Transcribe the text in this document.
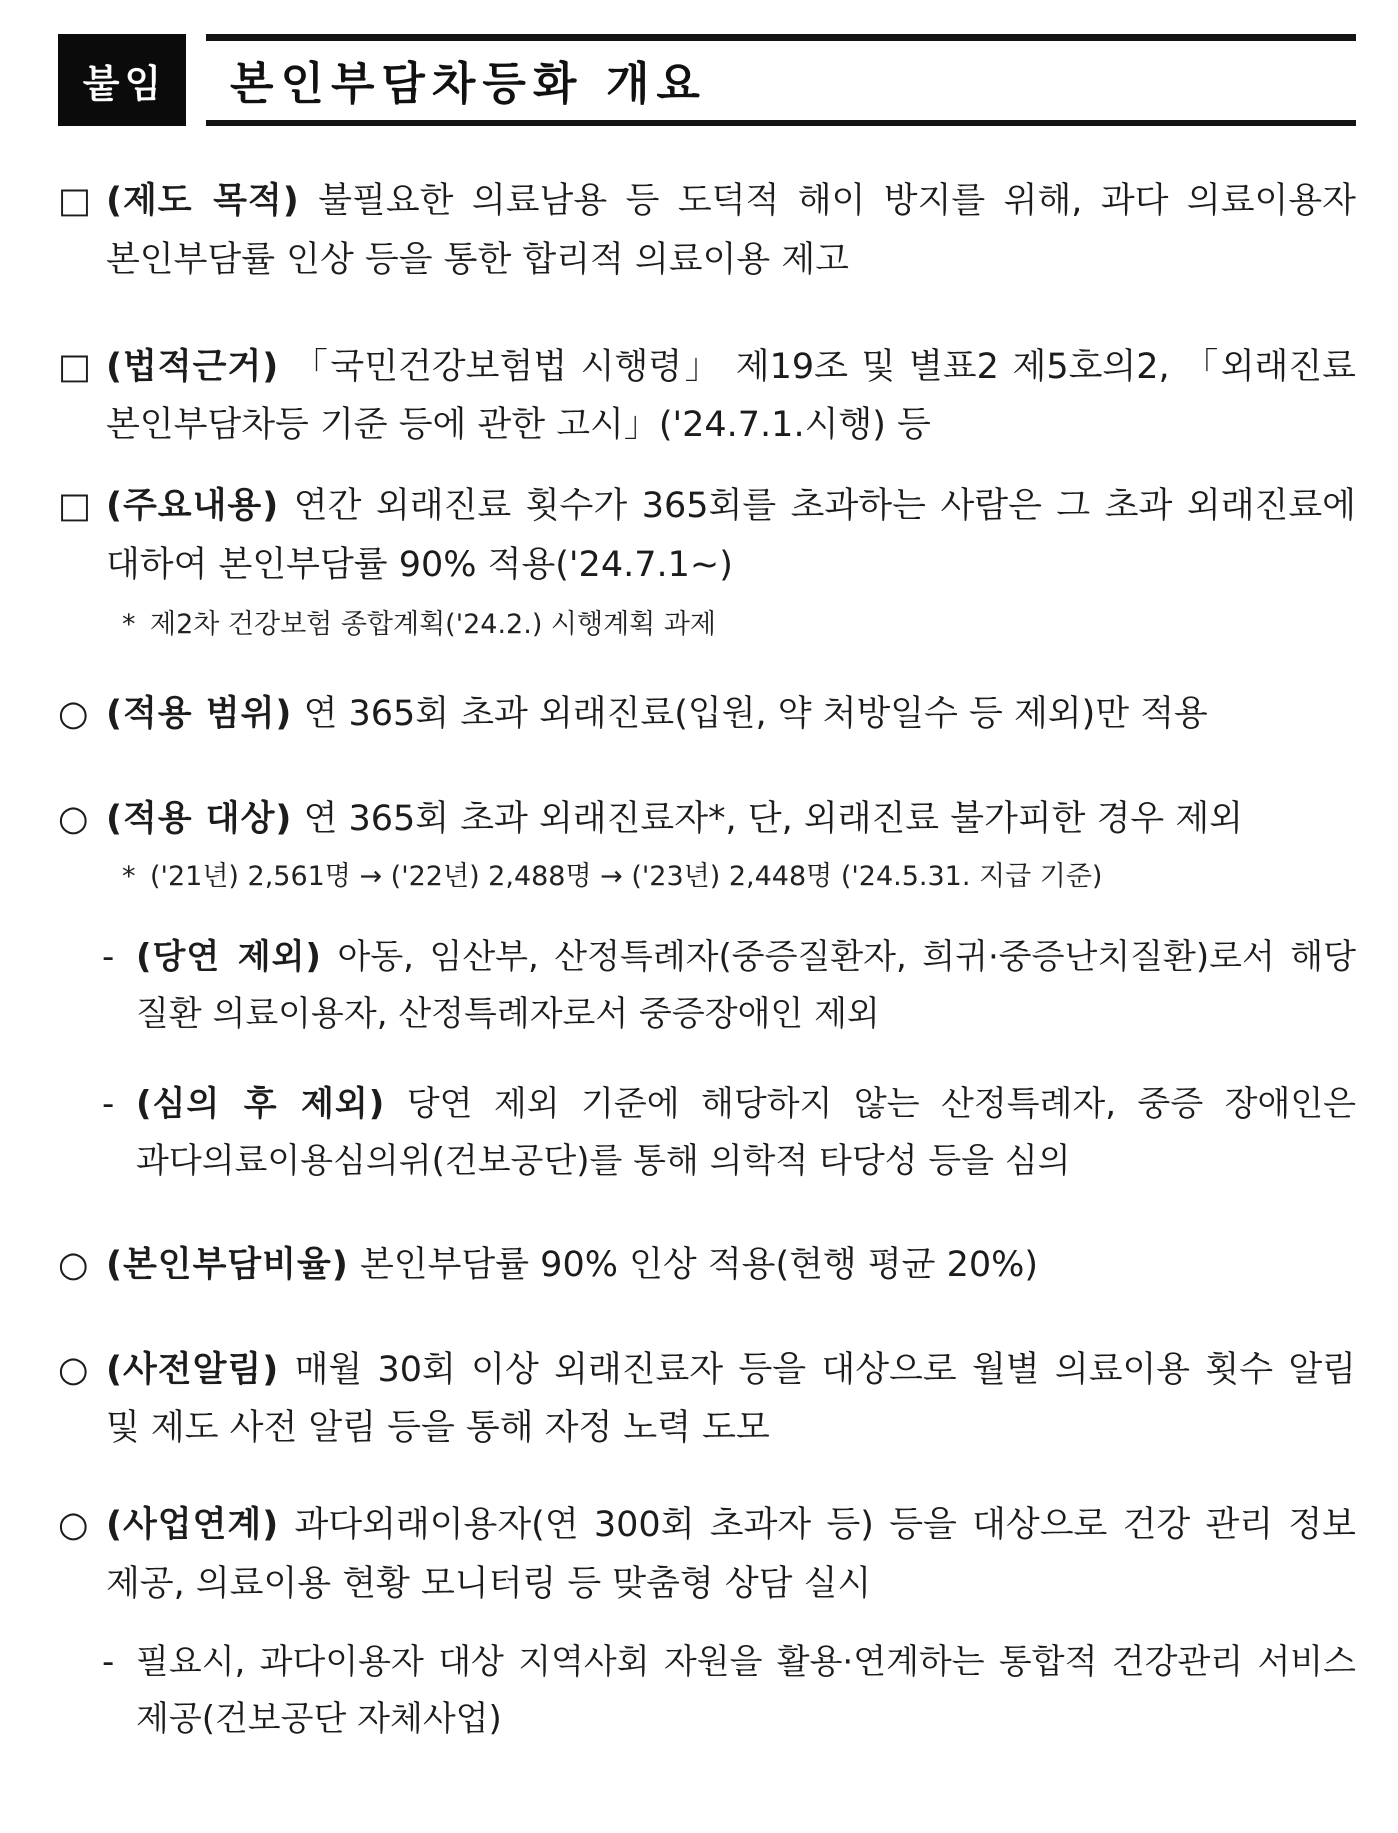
붙임 본인부담차등화 개요
□ (제도 목적) 불필요한 의료남용 등 도덕적 해이 방지를 위해, 과다 의료이용자 본인부담률 인상 등을 통한 합리적 의료이용 제고

□ (법적근거) 「국민건강보험법 시행령」 제19조 및 별표2 제5호의2, 「외래진료 본인부담차등 기준 등에 관한 고시」('24.7.1.시행) 등

□ (주요내용) 연간 외래진료 횟수가 365회를 초과하는 사람은 그 초과 외래진료에 대하여 본인부담률 90% 적용('24.7.1~)

* 제2차 건강보험 종합계획('24.2.) 시행계획 과제

○ (적용 범위) 연 365회 초과 외래진료(입원, 약 처방일수 등 제외)만 적용

○ (적용 대상) 연 365회 초과 외래진료자*, 단, 외래진료 불가피한 경우 제외

* ('21년) 2,561명 → ('22년) 2,488명 → ('23년) 2,448명 ('24.5.31. 지급 기준)

- (당연 제외) 아동, 임산부, 산정특례자(중증질환자, 희귀·중증난치질환)로서 해당 질환 의료이용자, 산정특례자로서 중증장애인 제외

- (심의 후 제외) 당연 제외 기준에 해당하지 않는 산정특례자, 중증 장애인은 과다의료이용심의위(건보공단)를 통해 의학적 타당성 등을 심의

○ (본인부담비율) 본인부담률 90% 인상 적용(현행 평균 20%)

○ (사전알림) 매월 30회 이상 외래진료자 등을 대상으로 월별 의료이용 횟수 알림 및 제도 사전 알림 등을 통해 자정 노력 도모

○ (사업연계) 과다외래이용자(연 300회 초과자 등) 등을 대상으로 건강 관리 정보 제공, 의료이용 현황 모니터링 등 맞춤형 상담 실시

- 필요시, 과다이용자 대상 지역사회 자원을 활용·연계하는 통합적 건강관리 서비스 제공(건보공단 자체사업)
